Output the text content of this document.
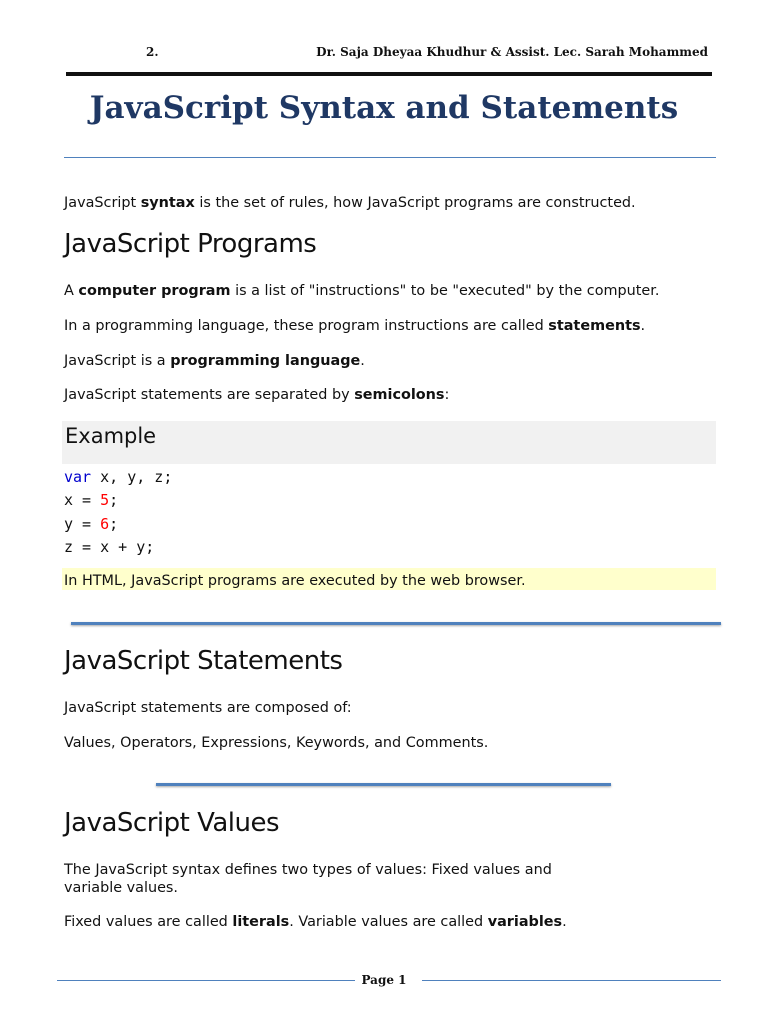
2.	Dr. Saja Dheyaa Khudhur & Assist. Lec. Sarah Mohammed
JavaScript Syntax and Statements

JavaScript syntax is the set of rules, how JavaScript programs are constructed.

JavaScript Programs

A computer program is a list of "instructions" to be "executed" by the computer.

In a programming language, these program instructions are called statements.

JavaScript is a programming language.

JavaScript statements are separated by semicolons:

Example
var x, y, z;
x = 5;
y = 6;
z = x + y;

In HTML, JavaScript programs are executed by the web browser.

JavaScript Statements

JavaScript statements are composed of:

Values, Operators, Expressions, Keywords, and Comments.

JavaScript Values

The JavaScript syntax defines two types of values: Fixed values and

variable values.

Fixed values are called literals. Variable values are called variables.

Page 1
